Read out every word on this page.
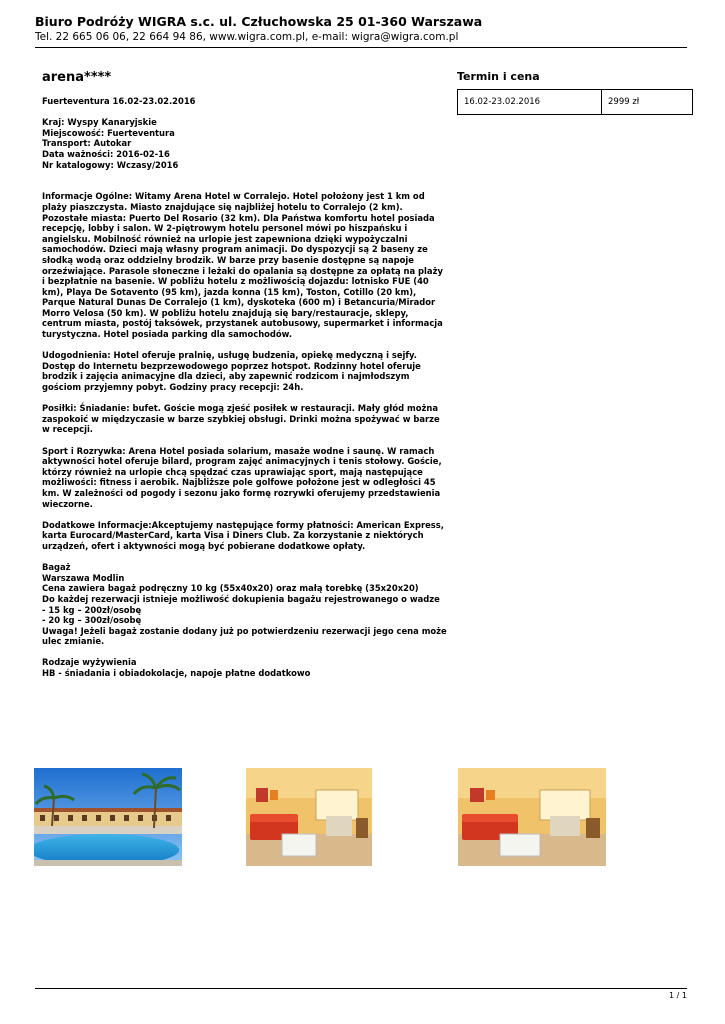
Biuro Podróży WIGRA s.c. ul. Człuchowska 25 01-360 Warszawa
Tel. 22 665 06 06, 22 664 94 86, www.wigra.com.pl, e-mail: wigra@wigra.com.pl
arena****

Fuerteventura 16.02-23.02.2016

Kraj: Wyspy Kanaryjskie
Miejscowość: Fuerteventura
Transport: Autokar
Data ważności: 2016-02-16
Nr katalogowy: Wczasy/2016

Informacje Ogólne: Witamy Arena Hotel w Corralejo. Hotel położony jest 1 km od plaży piaszczysta. Miasto znajdujące się najbliżej hotelu to Corralejo (2 km). Pozostałe miasta: Puerto Del Rosario (32 km). Dla Państwa komfortu hotel posiada recepcję, lobby i salon. W 2-piętrowym hotelu personel mówi po hiszpańsku i angielsku. Mobilność również na urlopie jest zapewniona dzięki wypożyczalni samochodów. Dzieci mają własny program animacji. Do dyspozycji są 2 baseny ze słodką wodą oraz oddzielny brodzik. W barze przy basenie dostępne są napoje orzeźwiające. Parasole słoneczne i leżaki do opalania są dostępne za opłatą na plaży i bezpłatnie na basenie. W pobliżu hotelu z możliwością dojazdu: lotnisko FUE (40 km), Playa De Sotavento (95 km), jazda konna (15 km), Toston, Cotillo (20 km), Parque Natural Dunas De Corralejo (1 km), dyskoteka (600 m) i Betancuria/Mirador Morro Velosa (50 km). W pobliżu hotelu znajdują się bary/restauracje, sklepy, centrum miasta, postój taksówek, przystanek autobusowy, supermarket i informacja turystyczna. Hotel posiada parking dla samochodów.

Udogodnienia: Hotel oferuje pralnię, usługę budzenia, opiekę medyczną i sejfy. Dostęp do Internetu bezprzewodowego poprzez hotspot. Rodzinny hotel oferuje brodzik i zajęcia animacyjne dla dzieci, aby zapewnić rodzicom i najmłodszym gościom przyjemny pobyt. Godziny pracy recepcji: 24h.

Posiłki: Śniadanie: bufet. Goście mogą zjeść posiłek w restauracji. Mały głód można zaspokoić w międzyczasie w barze szybkiej obsługi. Drinki można spożywać w barze w recepcji.

Sport i Rozrywka: Arena Hotel posiada solarium, masaże wodne i saunę. W ramach aktywności hotel oferuje bilard, program zajęć animacyjnych i tenis stołowy. Goście, którzy również na urlopie chcą spędzać czas uprawiając sport, mają następujące możliwości: fitness i aerobik. Najbliższe pole golfowe położone jest w odległości 45 km. W zależności od pogody i sezonu jako formę rozrywki oferujemy przedstawienia wieczorne.

Dodatkowe Informacje:Akceptujemy następujące formy płatności: American Express, karta Eurocard/MasterCard, karta Visa i Diners Club. Za korzystanie z niektórych urządzeń, ofert i aktywności mogą być pobierane dodatkowe opłaty.

Bagaż
Warszawa Modlin
Cena zawiera bagaż podręczny 10 kg (55x40x20) oraz małą torebkę (35x20x20)
Do każdej rezerwacji istnieje możliwość dokupienia bagażu rejestrowanego o wadze
- 15 kg – 200zł/osobę
- 20 kg – 300zł/osobę
Uwaga! Jeżeli bagaż zostanie dodany już po potwierdzeniu rezerwacji jego cena może ulec zmianie.
Rodzaje wyżywienia
HB - śniadania i obiadokolacje, napoje płatne dodatkowo
Termin i cena
16.02-23.02.2016	2999 zł
1 / 1
